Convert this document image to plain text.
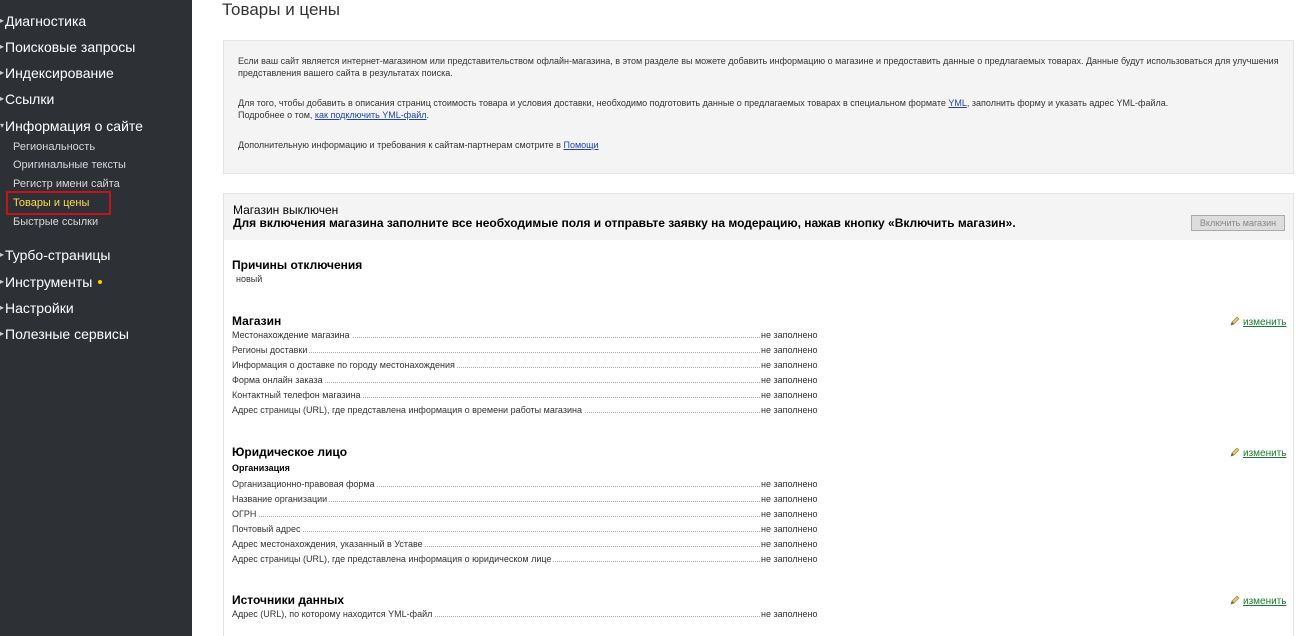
▸Диагностика
▸Поисковые запросы
▸Индексирование
▸Ссылки
▾Информация о сайте
Региональность
Оригинальные тексты
Регистр имени сайта
Товары и цены
Быстрые ссылки
▸Турбо-страницы
▸Инструменты
▸Настройки
▸Полезные сервисы
Товары и цены
Если ваш сайт является интернет-магазином или представительством офлайн-магазина, в этом разделе вы можете добавить информацию о магазине и предоставить данные о предлагаемых товарах. Данные будут использоваться для улучшения представления вашего сайта в результатах поиска.
Для того, чтобы добавить в описания страниц стоимость товара и условия доставки, необходимо подготовить данные о предлагаемых товарах в специальном формате YML, заполнить форму и указать адрес YML-файла.
Подробнее о том, как подключить YML-файл.
Дополнительную информацию и требования к сайтам-партнерам смотрите в Помощи
Магазин выключен
Для включения магазина заполните все необходимые поля и отправьте заявку на модерацию, нажав кнопку «Включить магазин».	Включить магазин
Причины отключения
новый
Магазин	изменить
Местонахождение магазина	не заполнено
Регионы доставки	не заполнено
Информация о доставке по городу местонахождения	не заполнено
Форма онлайн заказа	не заполнено
Контактный телефон магазина	не заполнено
Адрес страницы (URL), где представлена информация о времени работы магазина	не заполнено
Юридическое лицо	изменить
Организация
Организационно-правовая форма	не заполнено
Название организации	не заполнено
ОГРН	не заполнено
Почтовый адрес	не заполнено
Адрес местонахождения, указанный в Уставе	не заполнено
Адрес страницы (URL), где представлена информация о юридическом лице	не заполнено
Источники данных	изменить
Адрес (URL), по которому находится YML-файл	не заполнено
